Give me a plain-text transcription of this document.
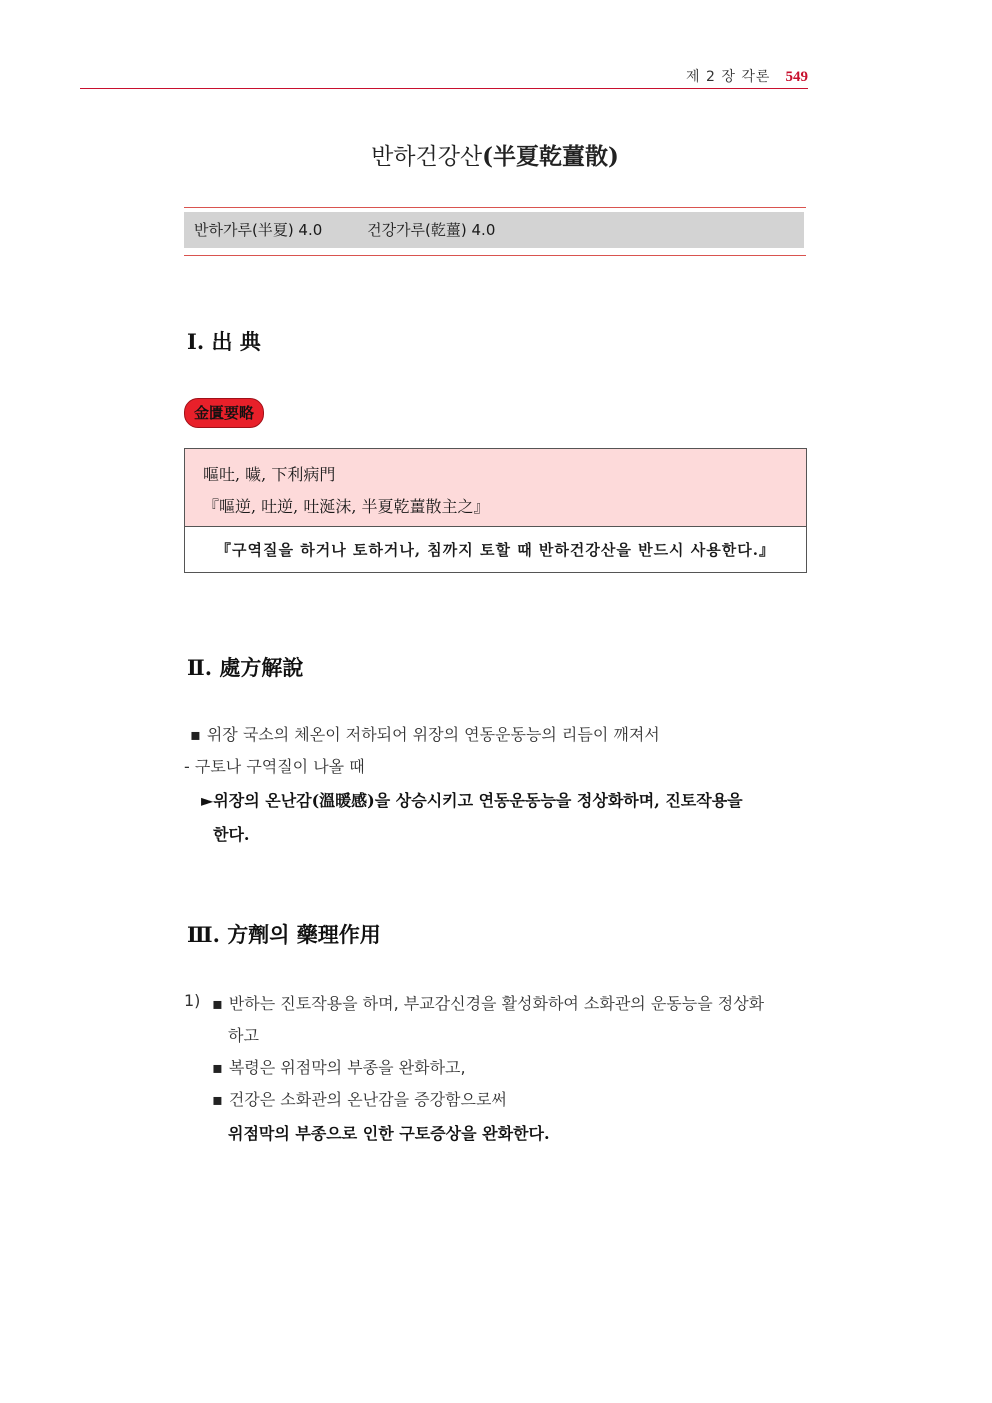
제 2 장 각론 549
반하건강산(半夏乾薑散)
반하가루(半夏) 4.0	건강가루(乾薑) 4.0
Ⅰ. 出 典
金匱要略
嘔吐, 噦, 下利病門
『嘔逆, 吐逆, 吐涎沫, 半夏乾薑散主之』
『구역질을 하거나 토하거나, 침까지 토할 때 반하건강산을 반드시 사용한다.』
Ⅱ. 處方解說
▪ 위장 국소의 체온이 저하되어 위장의 연동운동능의 리듬이 깨져서
- 구토나 구역질이 나올 때
►위장의 온난감(溫暖感)을 상승시키고 연동운동능을 정상화하며, 진토작용을
한다.
Ⅲ. 方劑의 藥理作用
1)
▪	반하는 진토작용을 하며, 부교감신경을 활성화하여 소화관의 운동능을 정상화
하고
▪ 복령은 위점막의 부종을 완화하고,
▪ 건강은 소화관의 온난감을 증강함으로써
위점막의 부종으로 인한 구토증상을 완화한다.
